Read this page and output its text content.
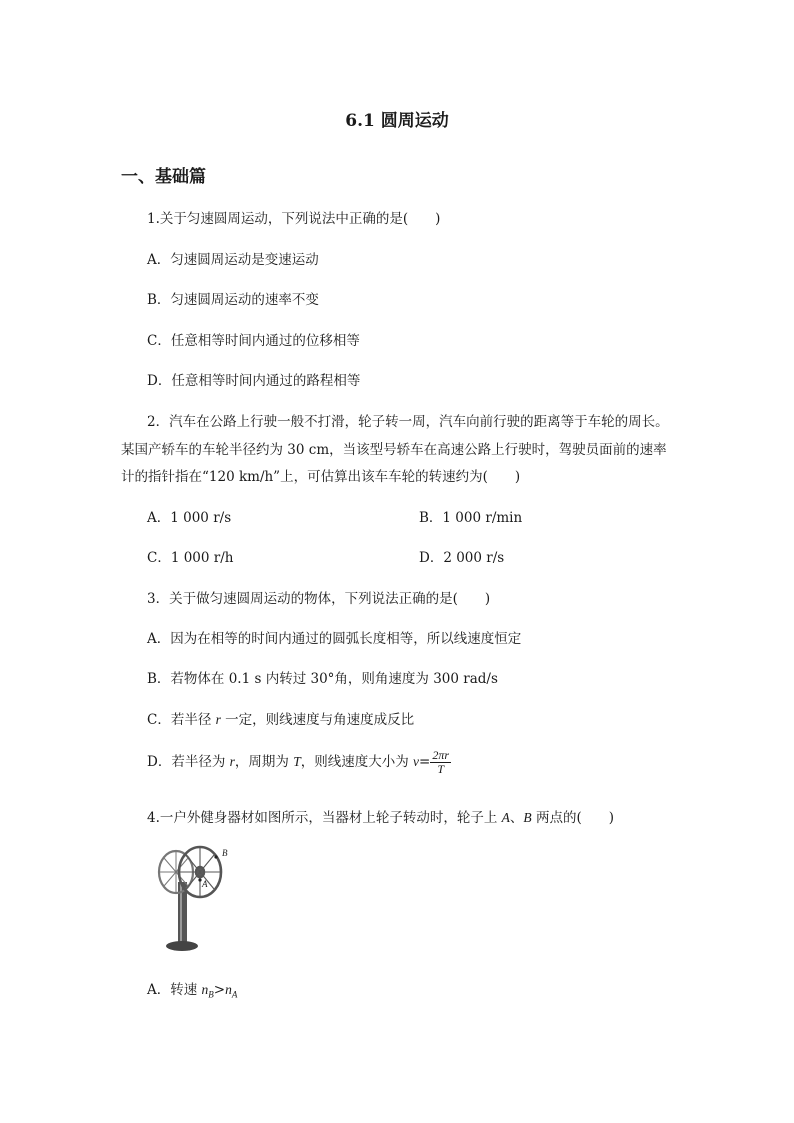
6.1 圆周运动
一、基础篇
1.关于匀速圆周运动，下列说法中正确的是(　　)
A．匀速圆周运动是变速运动
B．匀速圆周运动的速率不变
C．任意相等时间内通过的位移相等
D．任意相等时间内通过的路程相等
2．汽车在公路上行驶一般不打滑，轮子转一周，汽车向前行驶的距离等于车轮的周长。
某国产轿车的车轮半径约为 30 cm，当该型号轿车在高速公路上行驶时，驾驶员面前的速率
计的指针指在“120 km/h”上，可估算出该车车轮的转速约为(　　)
A．1 000 r/s	B．1 000 r/min
C．1 000 r/h	D．2 000 r/s
3．关于做匀速圆周运动的物体，下列说法正确的是(　　)
A．因为在相等的时间内通过的圆弧长度相等，所以线速度恒定
B．若物体在 0.1 s 内转过 30°角，则角速度为 300 rad/s
C．若半径 r 一定，则线速度与角速度成反比
D．若半径为 r，周期为 T，则线速度大小为 $v= \frac{2\pi r}{T}$
4.一户外健身器材如图所示，当器材上轮子转动时，轮子上 A、B 两点的(　　)
A
B
A．转速 $n_B>n_A$
